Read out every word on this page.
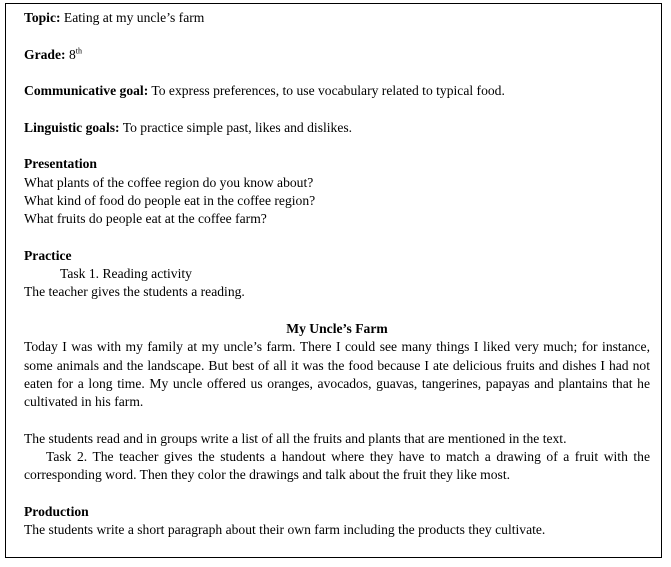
Topic: Eating at my uncle’s farm

Grade: 8th

Communicative goal: To express preferences, to use vocabulary related to typical food.

Linguistic goals: To practice simple past, likes and dislikes.

Presentation

What plants of the coffee region do you know about?

What kind of food do people eat in the coffee region?

What fruits do people eat at the coffee farm?

Practice

Task 1. Reading activity

The teacher gives the students a reading.

My Uncle’s Farm

Today I was with my family at my uncle’s farm. There I could see many things I liked very much; for instance, some animals and the landscape. But best of all it was the food because I ate delicious fruits and dishes I had not eaten for a long time. My uncle offered us oranges, avocados, guavas, tangerines, papayas and plantains that he cultivated in his farm.

The students read and in groups write a list of all the fruits and plants that are mentioned in the text.

Task 2. The teacher gives the students a handout where they have to match a drawing of a fruit with the corresponding word. Then they color the drawings and talk about the fruit they like most.

Production

The students write a short paragraph about their own farm including the products they cultivate.
